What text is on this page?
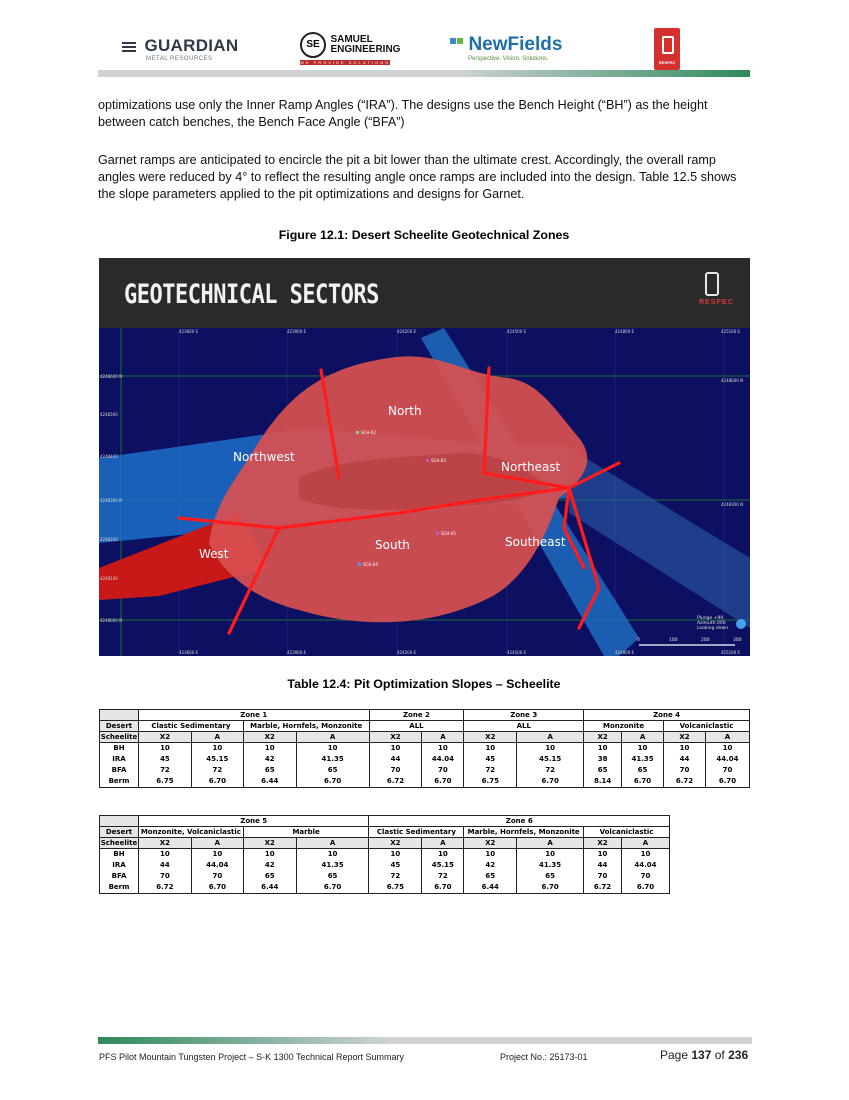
GUARDIAN
METAL RESOURCES
SE SAMUEL
ENGINEERING
WE PROVIDE SOLUTIONS
NewFields
Perspective. Vision. Solutions.
RESPEC
optimizations use only the Inner Ramp Angles (“IRA”). The designs use the Bench Height (“BH”) as the height between catch benches, the Bench Face Angle (“BFA”)
Garnet ramps are anticipated to encircle the pit a bit lower than the ultimate crest. Accordingly, the overall ramp angles were reduced by 4° to reflect the resulting angle once ramps are included into the design. Table 12.5 shows the slope parameters applied to the pit optimizations and designs for Garnet.
Figure 12.1: Desert Scheelite Geotechnical Zones
GEOTECHNICAL SECTORS	RESPEC
SCH-02
SCH-03
SCH-05
SCH-04
423600 E	423900 E	424200 E	424500 E	424800 E	425100 E
423600 E	423900 E	424200 E	424500 E	424800 E	425100 E
4248600 N
4248500
4248400
4248300 N
4248200
4248100
4248000 N
4248600 N
4248300 N
Plunge +90
Azimuth 000
Looking down
0	100	200	300
North
Northwest
Northeast
West
South	Southeast
Table 12.4: Pit Optimization Slopes – Scheelite
	Zone 1				Zone 2		Zone 3		Zone 4			
Desert	Clastic Sedimentary		Marble, Hornfels, Monzonite		ALL		ALL		Monzonite		Volcaniclastic	
Scheelite	X2	A	X2	A	X2	A	X2	A	X2	A	X2	A
BH	10	10	10	10	10	10	10	10	10	10	10	10
IRA	45	45.15	42	41.35	44	44.04	45	45.15	38	41.35	44	44.04
BFA	72	72	65	65	70	70	72	72	65	65	70	70
Berm	6.75	6.70	6.44	6.70	6.72	6.70	6.75	6.70	8.14	6.70	6.72	6.70
	Zone 5				Zone 6					
Desert	Monzonite, Volcaniclastic		Marble		Clastic Sedimentary		Marble, Hornfels, Monzonite		Volcaniclastic	
Scheelite	X2	A	X2	A	X2	A	X2	A	X2	A
BH	10	10	10	10	10	10	10	10	10	10
IRA	44	44.04	42	41.35	45	45.15	42	41.35	44	44.04
BFA	70	70	65	65	72	72	65	65	70	70
Berm	6.72	6.70	6.44	6.70	6.75	6.70	6.44	6.70	6.72	6.70
PFS Pilot Mountain Tungsten Project – S-K 1300 Technical Report Summary	Project No.: 25173-01	Page 137 of 236
